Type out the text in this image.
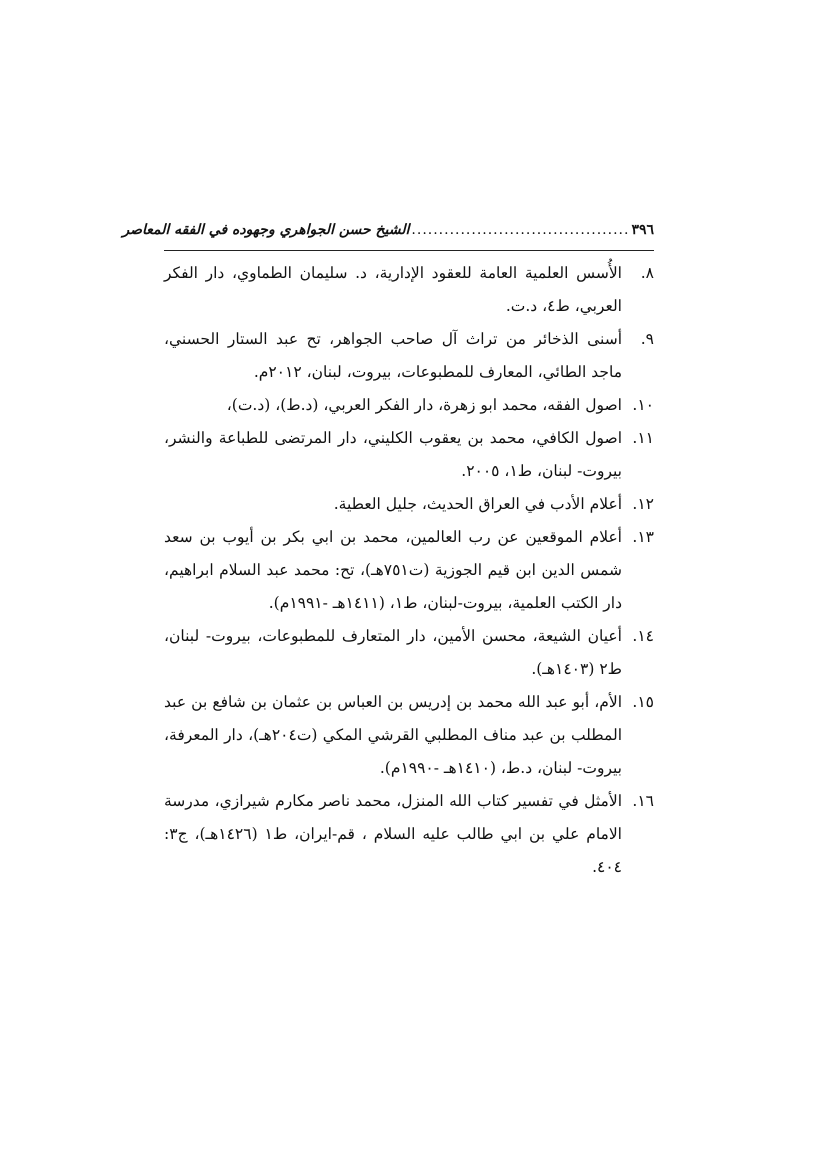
٣٩٦
........................................
الشيخ حسن الجواهري وجهوده في الفقه المعاصر
٨.
الأُسس العلمية العامة للعقود الإدارية، د. سليمان الطماوي، دار الفكر العربي، ط٤، د.ت.
٩.
أسنى الذخائر من تراث آل صاحب الجواهر، تح عبد الستار الحسني، ماجد الطائي، المعارف للمطبوعات، بيروت، لبنان، ٢٠١٢م.
١٠.
اصول الفقه، محمد ابو زهرة، دار الفكر العربي، (د.ط)، (د.ت)،
١١.
اصول الكافي، محمد بن يعقوب الكليني، دار المرتضى للطباعة والنشر، بيروت- لبنان، ط١، ٢٠٠٥.
١٢.
أعلام الأدب في العراق الحديث، جليل العطية.
١٣.
أعلام الموقعين عن رب العالمين، محمد بن ابي بكر بن أيوب بن سعد شمس الدين ابن قيم الجوزية (ت٧٥١هـ)، تح: محمد عبد السلام ابراهيم، دار الكتب العلمية، بيروت-لبنان، ط١، (١٤١١هـ -١٩٩١م).
١٤.
أعيان الشيعة، محسن الأمين، دار المتعارف للمطبوعات، بيروت- لبنان، ط٢ (١٤٠٣هـ).
١٥.
الأم، أبو عبد الله محمد بن إدريس بن العباس بن عثمان بن شافع بن عبد المطلب بن عبد مناف المطلبي القرشي المكي (ت٢٠٤هـ)، دار المعرفة، بيروت- لبنان، د.ط، (١٤١٠هـ -١٩٩٠م).
١٦.
الأمثل في تفسير كتاب الله المنزل، محمد ناصر مكارم شيرازي، مدرسة الامام علي بن ابي طالب عليه السلام ، قم-ايران، ط١ (١٤٢٦هـ)، ج٣: ٤٠٤.
